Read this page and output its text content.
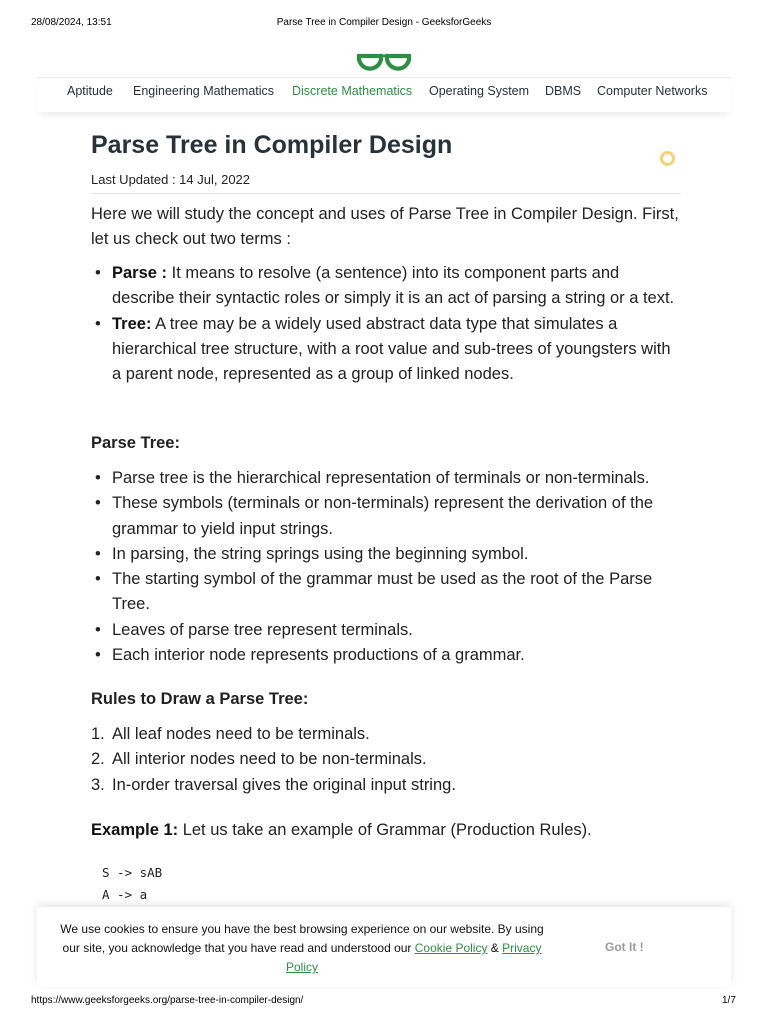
28/08/2024, 13:51	Parse Tree in Compiler Design - GeeksforGeeks
Aptitude Engineering Mathematics Discrete Mathematics Operating System DBMS Computer Networks
Parse Tree in Compiler Design
Last Updated : 14 Jul, 2022
Here we will study the concept and uses of Parse Tree in Compiler Design. First, let us check out two terms :
• Parse : It means to resolve (a sentence) into its component parts and describe their syntactic roles or simply it is an act of parsing a string or a text.
• Tree: A tree may be a widely used abstract data type that simulates a hierarchical tree structure, with a root value and sub-trees of youngsters with a parent node, represented as a group of linked nodes.
Parse Tree:
• Parse tree is the hierarchical representation of terminals or non-terminals.
• These symbols (terminals or non-terminals) represent the derivation of the grammar to yield input strings.
• In parsing, the string springs using the beginning symbol.
• The starting symbol of the grammar must be used as the root of the Parse Tree.
• Leaves of parse tree represent terminals.
• Each interior node represents productions of a grammar.
Rules to Draw a Parse Tree:
1. All leaf nodes need to be terminals.
2. All interior nodes need to be non-terminals.
3. In-order traversal gives the original input string.
Example 1: Let us take an example of Grammar (Production Rules).
S -> sAB
A -> a
We use cookies to ensure you have the best browsing experience on our website. By using our site, you acknowledge that you have read and understood our Cookie Policy & Privacy Policy
Got It !
https://www.geeksforgeeks.org/parse-tree-in-compiler-design/	1/7
